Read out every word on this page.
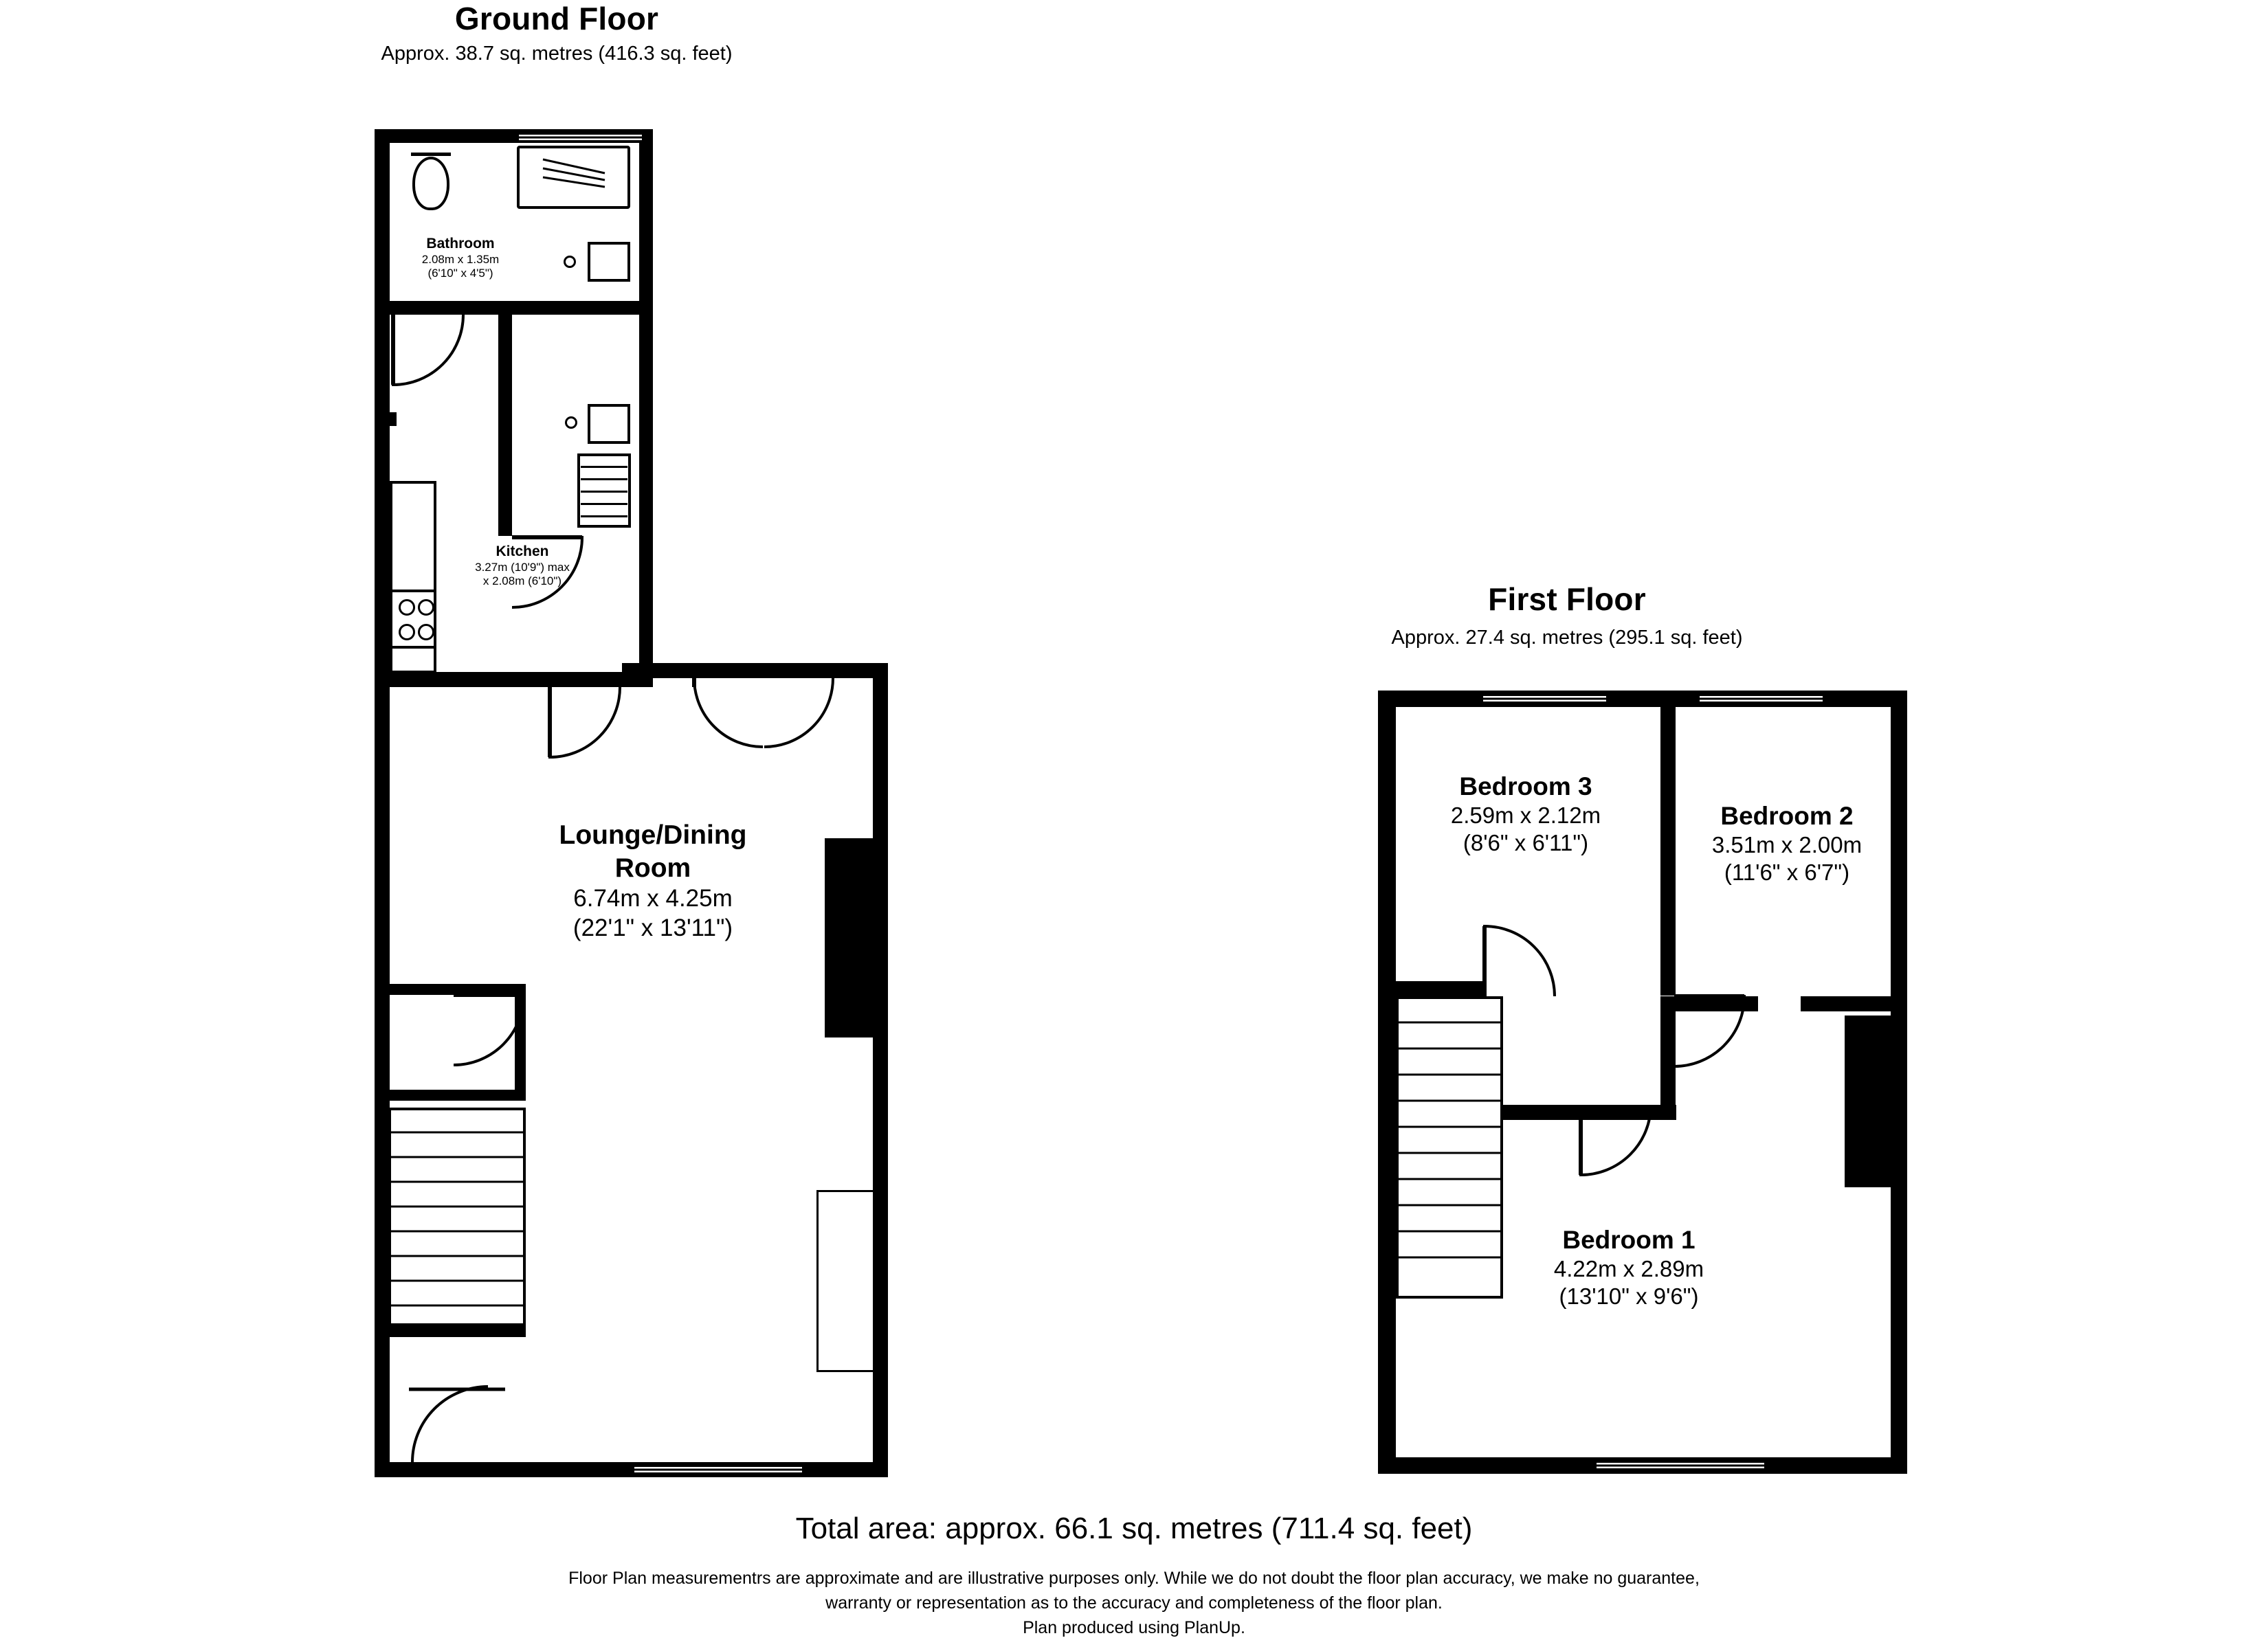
Ground Floor
Approx. 38.7 sq. metres (416.3 sq. feet)
Bathroom
2.08m x 1.35m
(6'10" x 4'5")
Kitchen
3.27m (10'9") max
x 2.08m (6'10")
Lounge/Dining
Room
6.74m x 4.25m
(22'1" x 13'11")
First Floor
Approx. 27.4 sq. metres (295.1 sq. feet)
Bedroom 3
2.59m x 2.12m
(8'6" x 6'11")
Bedroom 2
3.51m x 2.00m
(11'6" x 6'7")
Bedroom 1
4.22m x 2.89m
(13'10" x 9'6")
Total area: approx. 66.1 sq. metres (711.4 sq. feet)
Floor Plan measurementrs are approximate and are illustrative purposes only. While we do not doubt the floor plan accuracy, we make no guarantee,
warranty or representation as to the accuracy and completeness of the floor plan.
Plan produced using PlanUp.
